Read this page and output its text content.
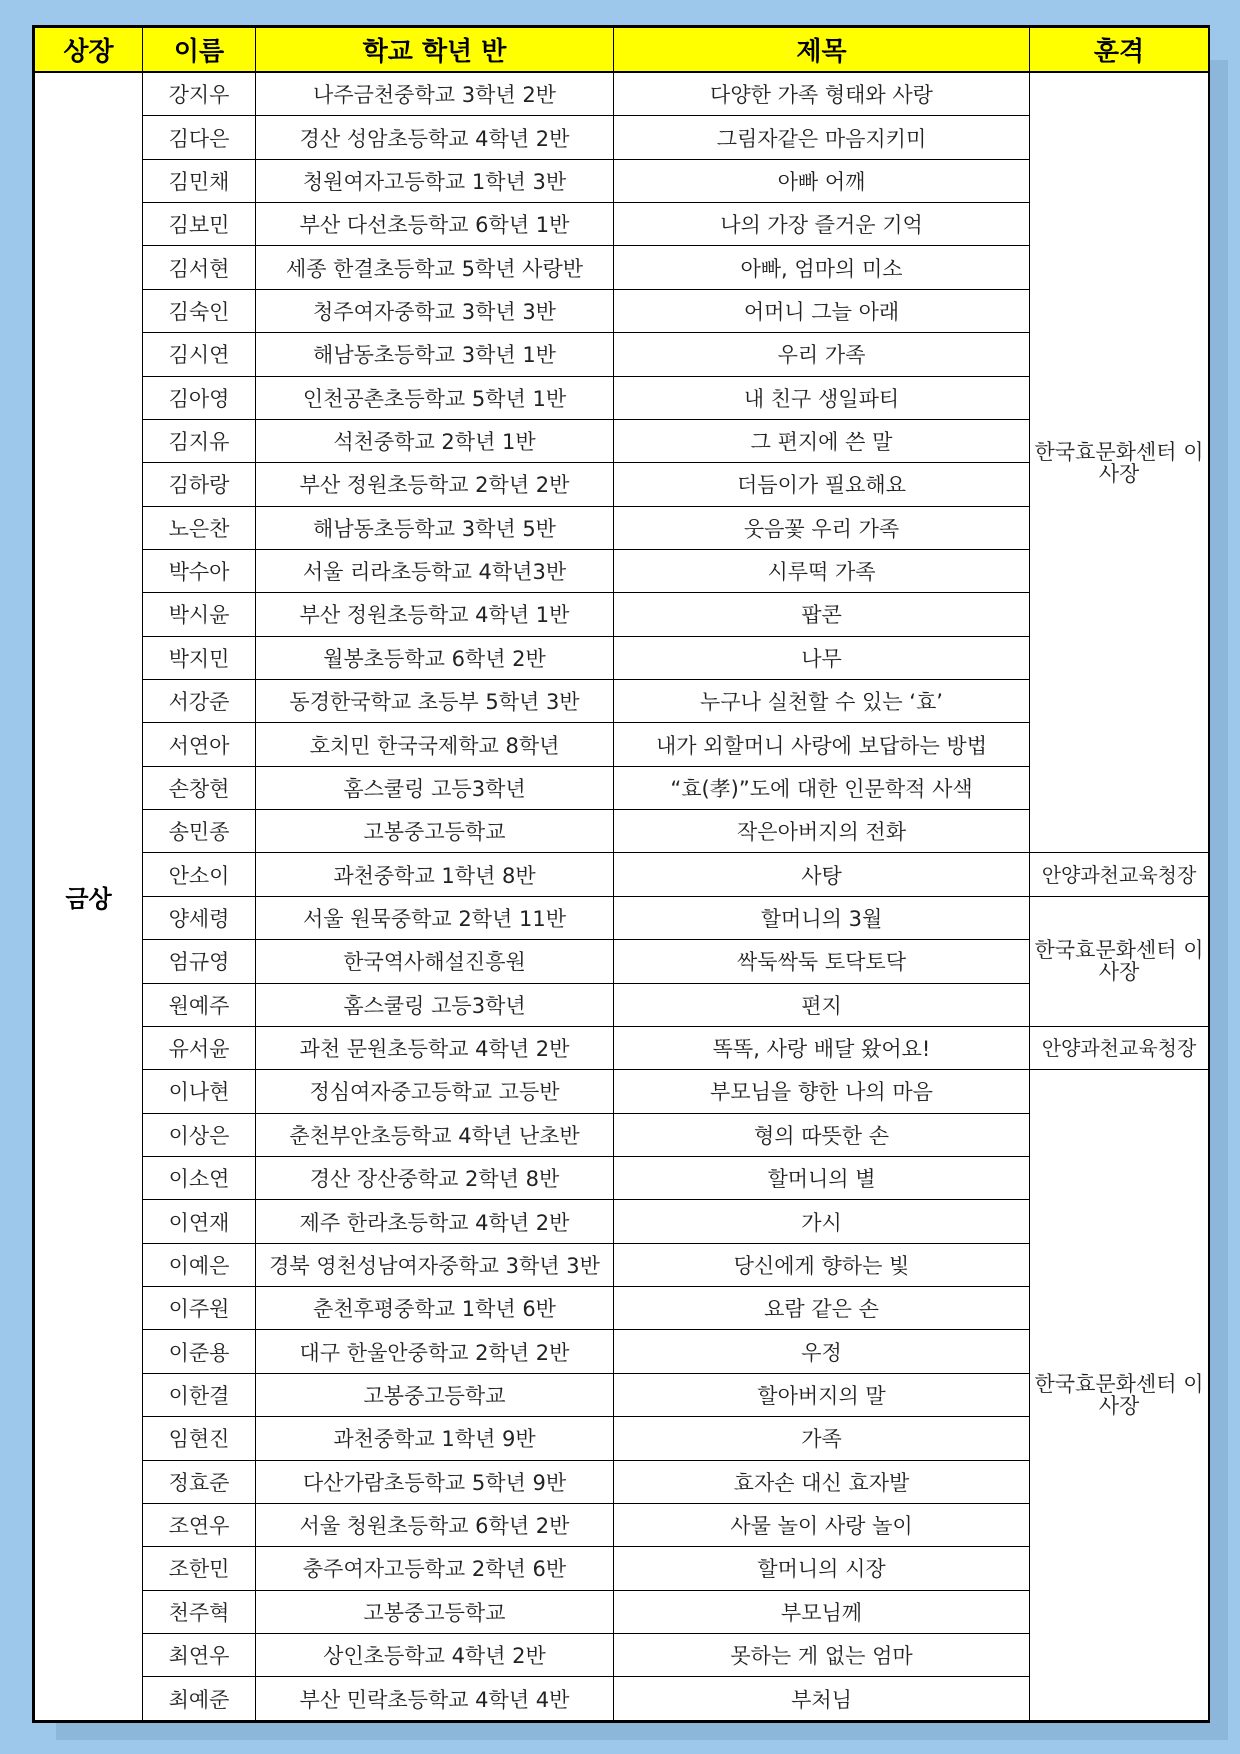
상장	이름	학교 학년 반	제목	훈격
금상	강지우	나주금천중학교 3학년 2반	다양한 가족 형태와 사랑	한국효문화센터 이사장
	김다은	경산 성암초등학교 4학년 2반	그림자같은 마음지키미	
	김민채	청원여자고등학교 1학년 3반	아빠 어깨	
	김보민	부산 다선초등학교 6학년 1반	나의 가장 즐거운 기억	
	김서현	세종 한결초등학교 5학년 사랑반	아빠, 엄마의 미소	
	김숙인	청주여자중학교 3학년 3반	어머니 그늘 아래	
	김시연	해남동초등학교 3학년 1반	우리 가족	
	김아영	인천공촌초등학교 5학년 1반	내 친구 생일파티	
	김지유	석천중학교 2학년 1반	그 편지에 쓴 말	
	김하랑	부산 정원초등학교 2학년 2반	더듬이가 필요해요	
	노은찬	해남동초등학교 3학년 5반	웃음꽃 우리 가족	
	박수아	서울 리라초등학교 4학년3반	시루떡 가족	
	박시윤	부산 정원초등학교 4학년 1반	팝콘	
	박지민	월봉초등학교 6학년 2반	나무	
	서강준	동경한국학교 초등부 5학년 3반	누구나 실천할 수 있는 ‘효’	
	서연아	호치민 한국국제학교 8학년	내가 외할머니 사랑에 보답하는 방법	
	손창현	홈스쿨링 고등3학년	“효(孝)”도에 대한 인문학적 사색	
	송민종	고봉중고등학교	작은아버지의 전화	
	안소이	과천중학교 1학년 8반	사탕	안양과천교육청장
	양세령	서울 원묵중학교 2학년 11반	할머니의 3월	한국효문화센터 이사장
	엄규영	한국역사해설진흥원	싹둑싹둑 토닥토닥	
	원예주	홈스쿨링 고등3학년	편지	
	유서윤	과천 문원초등학교 4학년 2반	똑똑, 사랑 배달 왔어요!	안양과천교육청장
	이나현	정심여자중고등학교 고등반	부모님을 향한 나의 마음	한국효문화센터 이사장
	이상은	춘천부안초등학교 4학년 난초반	형의 따뜻한 손	
	이소연	경산 장산중학교 2학년 8반	할머니의 별	
	이연재	제주 한라초등학교 4학년 2반	가시	
	이예은	경북 영천성남여자중학교 3학년 3반	당신에게 향하는 빛	
	이주원	춘천후평중학교 1학년 6반	요람 같은 손	
	이준용	대구 한울안중학교 2학년 2반	우정	
	이한결	고봉중고등학교	할아버지의 말	
	임현진	과천중학교 1학년 9반	가족	
	정효준	다산가람초등학교 5학년 9반	효자손 대신 효자발	
	조연우	서울 청원초등학교 6학년 2반	사물 놀이 사랑 놀이	
	조한민	충주여자고등학교 2학년 6반	할머니의 시장	
	천주혁	고봉중고등학교	부모님께	
	최연우	상인초등학교 4학년 2반	못하는 게 없는 엄마	
	최예준	부산 민락초등학교 4학년 4반	부처님	
